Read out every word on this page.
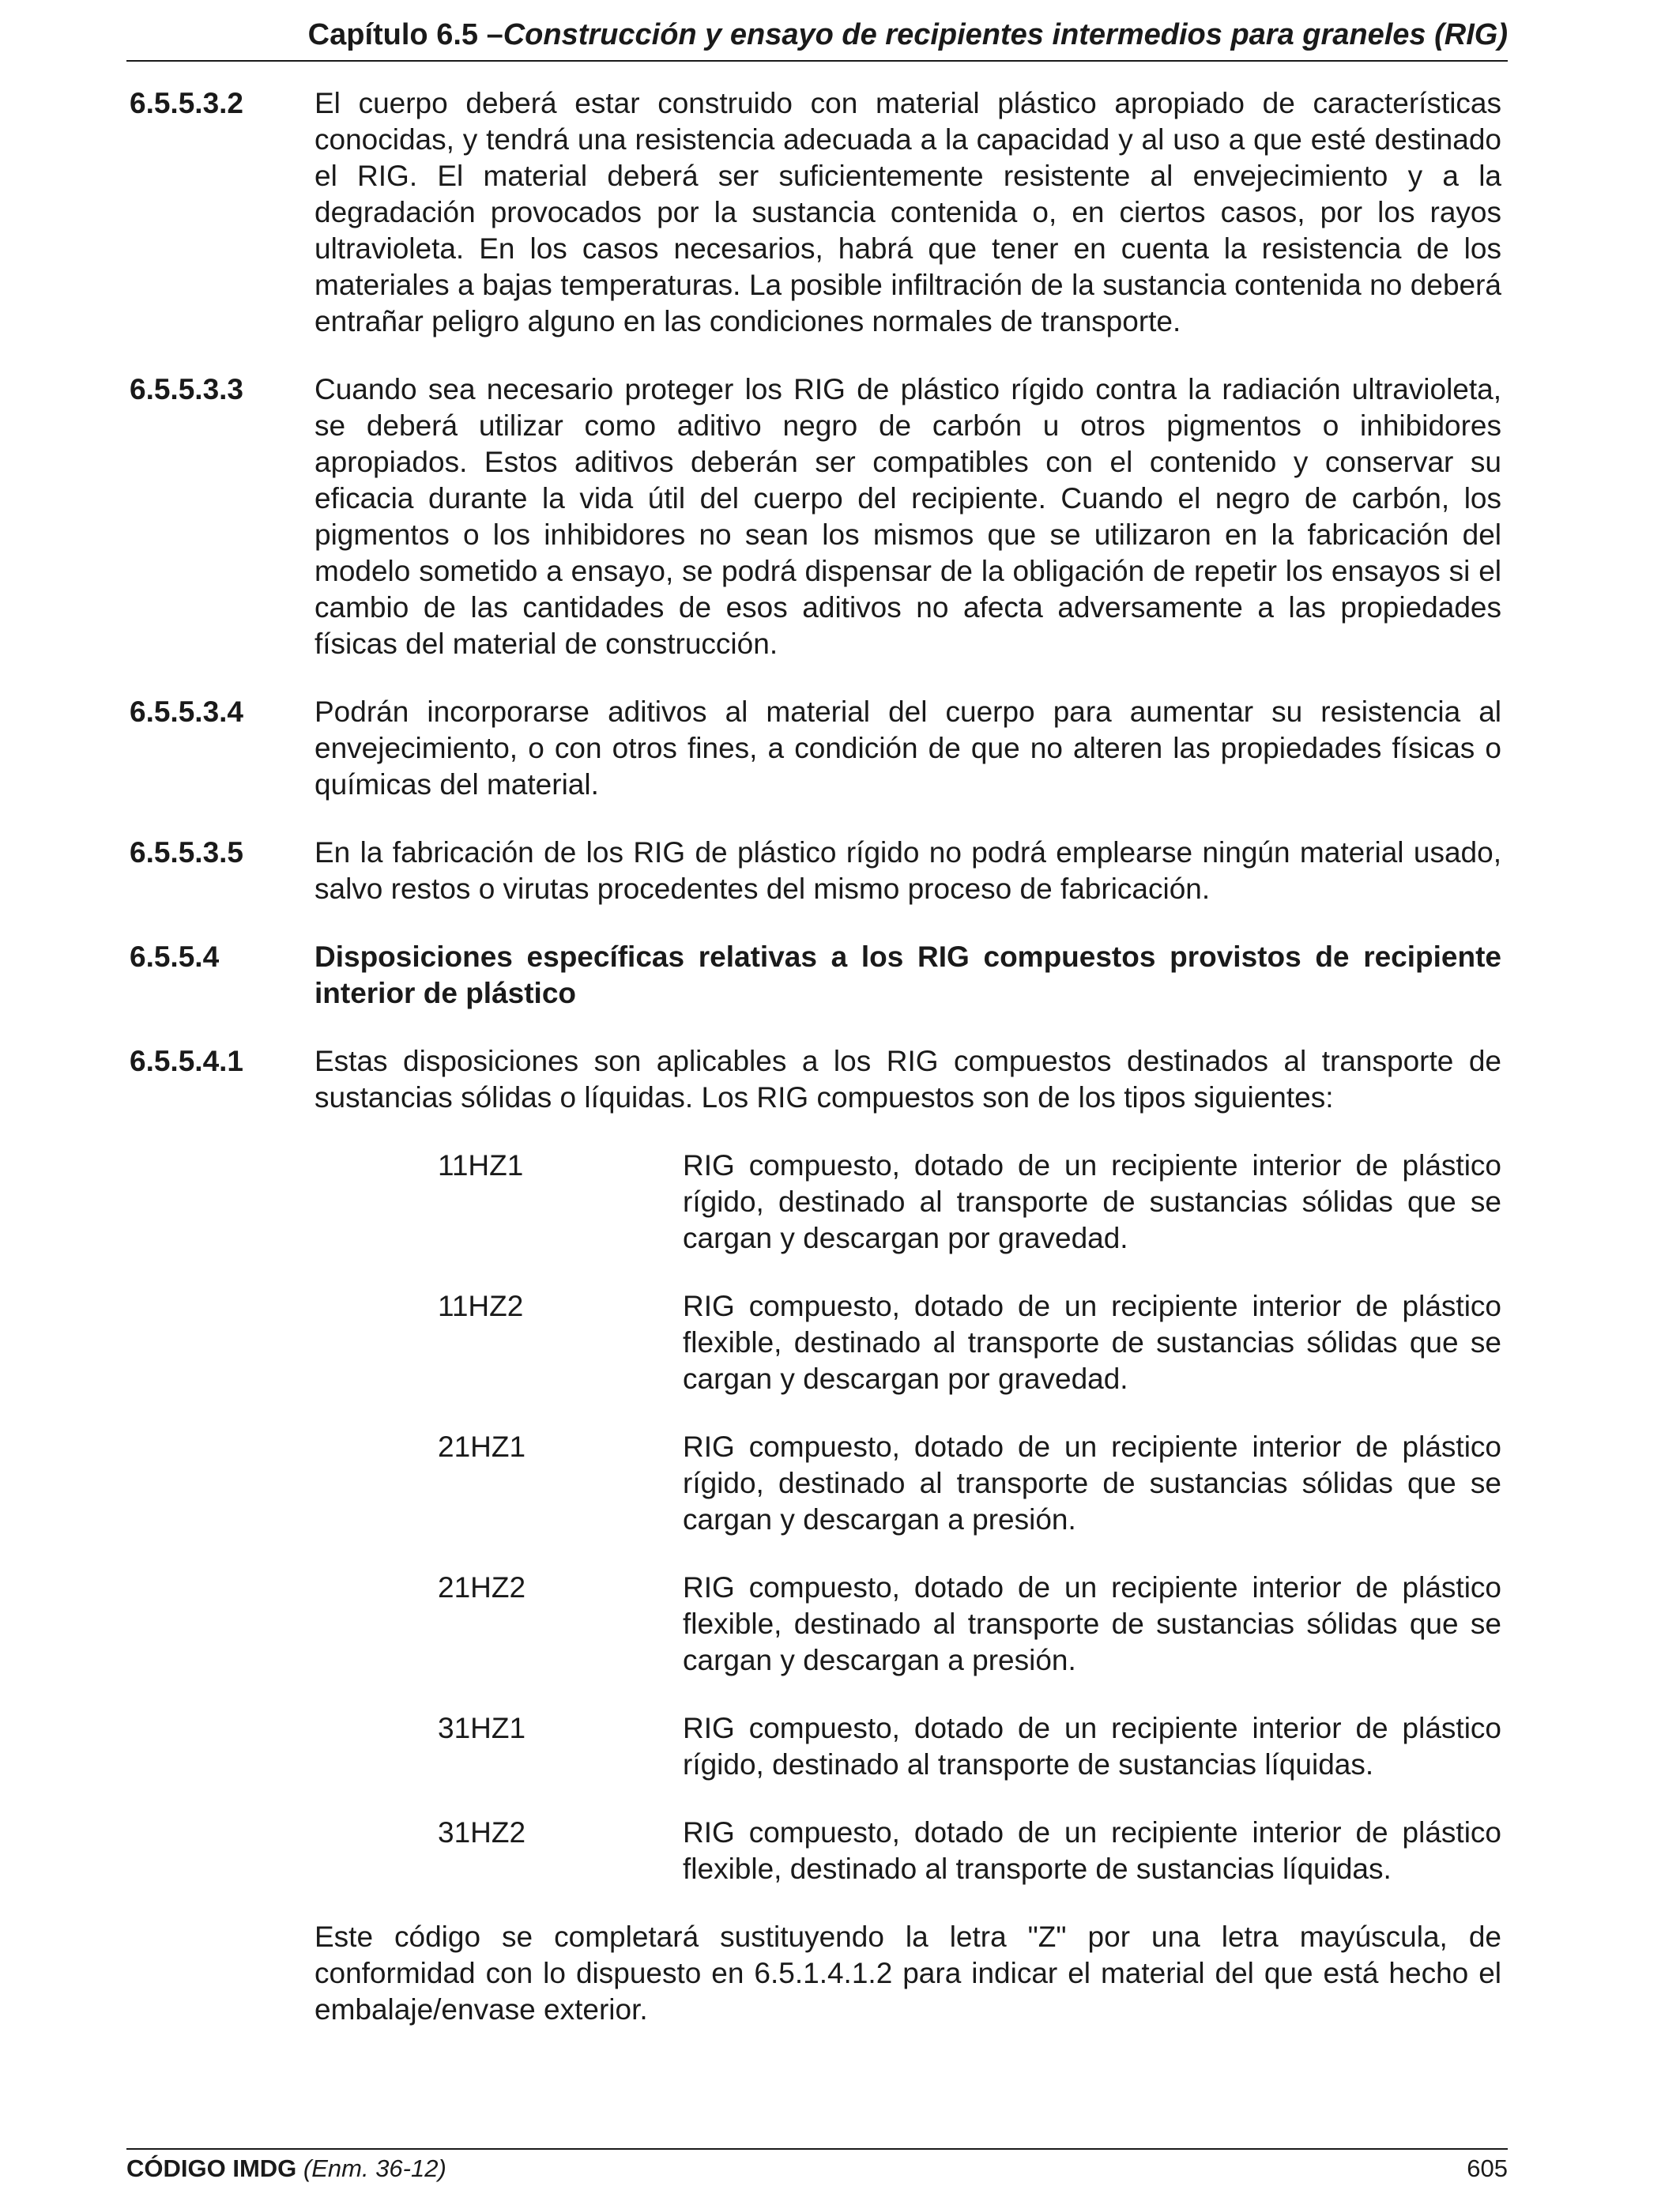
Capítulo 6.5 –Construcción y ensayo de recipientes intermedios para graneles (RIG)
6.5.5.3.2	El cuerpo deberá estar construido con material plástico apropiado de características conocidas, y tendrá una resistencia adecuada a la capacidad y al uso a que esté destinado el RIG. El material deberá ser suficientemente resistente al envejecimiento y a la degradación provocados por la sustancia contenida o, en ciertos casos, por los rayos ultravioleta. En los casos necesarios, habrá que tener en cuenta la resistencia de los materiales a bajas temperaturas. La posible infiltración de la sustancia contenida no deberá entrañar peligro alguno en las condiciones normales de transporte.
6.5.5.3.3	Cuando sea necesario proteger los RIG de plástico rígido contra la radiación ultravioleta, se deberá utilizar como aditivo negro de carbón u otros pigmentos o inhibidores apropiados. Estos aditivos deberán ser compatibles con el contenido y conservar su eficacia durante la vida útil del cuerpo del recipiente. Cuando el negro de carbón, los pigmentos o los inhibidores no sean los mismos que se utilizaron en la fabricación del modelo sometido a ensayo, se podrá dispensar de la obligación de repetir los ensayos si el cambio de las cantidades de esos aditivos no afecta adversamente a las propiedades físicas del material de construcción.
6.5.5.3.4	Podrán incorporarse aditivos al material del cuerpo para aumentar su resistencia al envejecimiento, o con otros fines, a condición de que no alteren las propiedades físicas o químicas del material.
6.5.5.3.5	En la fabricación de los RIG de plástico rígido no podrá emplearse ningún material usado, salvo restos o virutas procedentes del mismo proceso de fabricación.
6.5.5.4	Disposiciones específicas relativas a los RIG compuestos provistos de recipiente interior de plástico
6.5.5.4.1	Estas disposiciones son aplicables a los RIG compuestos destinados al transporte de sustancias sólidas o líquidas. Los RIG compuestos son de los tipos siguientes:
11HZ1	RIG compuesto, dotado de un recipiente interior de plástico rígido, destinado al transporte de sustancias sólidas que se cargan y descargan por gravedad.
11HZ2	RIG compuesto, dotado de un recipiente interior de plástico flexible, destinado al transporte de sustancias sólidas que se cargan y descargan por gravedad.
21HZ1	RIG compuesto, dotado de un recipiente interior de plástico rígido, destinado al transporte de sustancias sólidas que se cargan y descargan a presión.
21HZ2	RIG compuesto, dotado de un recipiente interior de plástico flexible, destinado al transporte de sustancias sólidas que se cargan y descargan a presión.
31HZ1	RIG compuesto, dotado de un recipiente interior de plástico rígido, destinado al transporte de sustancias líquidas.
31HZ2	RIG compuesto, dotado de un recipiente interior de plástico flexible, destinado al transporte de sustancias líquidas.
Este código se completará sustituyendo la letra "Z" por una letra mayúscula, de conformidad con lo dispuesto en 6.5.1.4.1.2 para indicar el material del que está hecho el embalaje/envase exterior.
CÓDIGO IMDG (Enm. 36-12)	605
